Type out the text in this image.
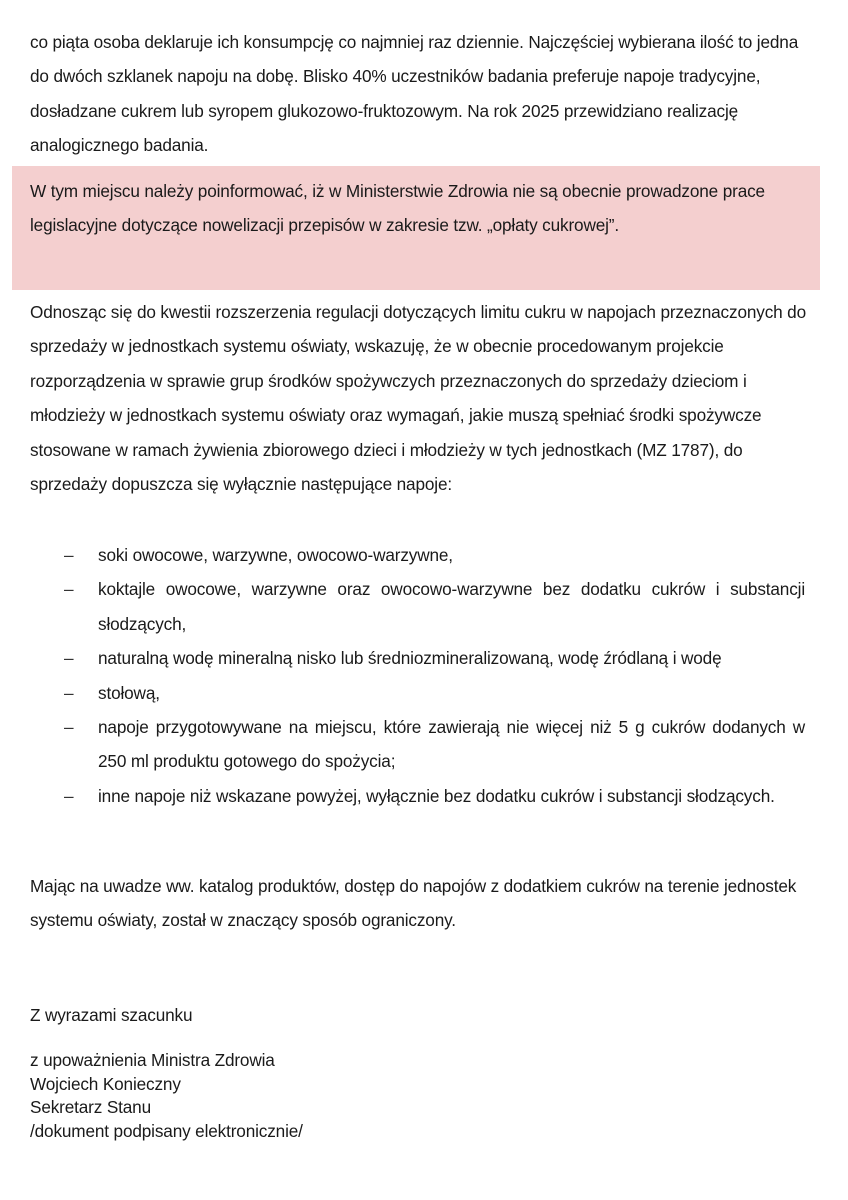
co piąta osoba deklaruje ich konsumpcję co najmniej raz dziennie. Najczęściej wybierana ilość to jedna do dwóch szklanek napoju na dobę. Blisko 40% uczestników badania preferuje napoje tradycyjne, dosładzane cukrem lub syropem glukozowo-fruktozowym. Na rok 2025 przewidziano realizację analogicznego badania.

W tym miejscu należy poinformować, iż w Ministerstwie Zdrowia nie są obecnie prowadzone prace legislacyjne dotyczące nowelizacji przepisów w zakresie tzw. „opłaty cukrowej”.

Odnosząc się do kwestii rozszerzenia regulacji dotyczących limitu cukru w napojach przeznaczonych do sprzedaży w jednostkach systemu oświaty, wskazuję, że w obecnie procedowanym projekcie rozporządzenia w sprawie grup środków spożywczych przeznaczonych do sprzedaży dzieciom i młodzieży w jednostkach systemu oświaty oraz wymagań, jakie muszą spełniać środki spożywcze stosowane w ramach żywienia zbiorowego dzieci i młodzieży w tych jednostkach (MZ 1787), do sprzedaży dopuszcza się wyłącznie następujące napoje:

– soki owocowe, warzywne, owocowo-warzywne,
– koktajle owocowe, warzywne oraz owocowo-warzywne bez dodatku cukrów i substancji słodzących,
– naturalną wodę mineralną nisko lub średniozmineralizowaną, wodę źródlaną i wodę
– stołową,
– napoje przygotowywane na miejscu, które zawierają nie więcej niż 5 g cukrów dodanych w 250 ml produktu gotowego do spożycia;
– inne napoje niż wskazane powyżej, wyłącznie bez dodatku cukrów i substancji słodzących.

Mając na uwadze ww. katalog produktów, dostęp do napojów z dodatkiem cukrów na terenie jednostek systemu oświaty, został w znaczący sposób ograniczony.

Z wyrazami szacunku
z upoważnienia Ministra Zdrowia
Wojciech Konieczny
Sekretarz Stanu
/dokument podpisany elektronicznie/
